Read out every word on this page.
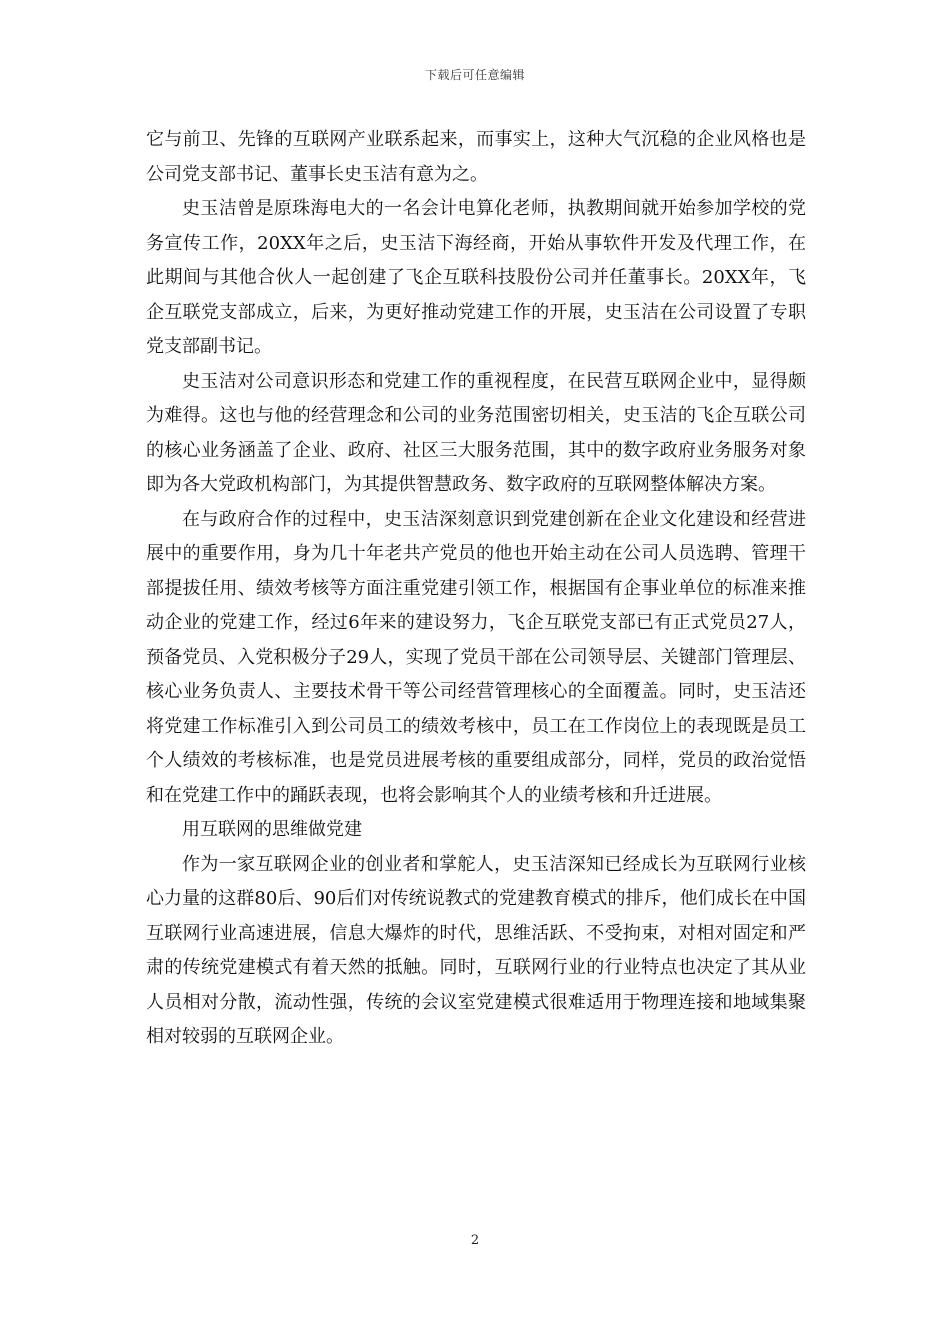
下载后可任意编辑

它与前卫、先锋的互联网产业联系起来，而事实上，这种大气沉稳的企业风格也是公司党支部书记、董事长史玉洁有意为之。

史玉洁曾是原珠海电大的一名会计电算化老师，执教期间就开始参加学校的党务宣传工作，20XX年之后，史玉洁下海经商，开始从事软件开发及代理工作，在此期间与其他合伙人一起创建了飞企互联科技股份公司并任董事长。20XX年，飞企互联党支部成立，后来，为更好推动党建工作的开展，史玉洁在公司设置了专职党支部副书记。

史玉洁对公司意识形态和党建工作的重视程度，在民营互联网企业中，显得颇为难得。这也与他的经营理念和公司的业务范围密切相关，史玉洁的飞企互联公司的核心业务涵盖了企业、政府、社区三大服务范围，其中的数字政府业务服务对象即为各大党政机构部门，为其提供智慧政务、数字政府的互联网整体解决方案。

在与政府合作的过程中，史玉洁深刻意识到党建创新在企业文化建设和经营进展中的重要作用，身为几十年老共产党员的他也开始主动在公司人员选聘、管理干部提拔任用、绩效考核等方面注重党建引领工作，根据国有企事业单位的标准来推动企业的党建工作，经过6年来的建设努力，飞企互联党支部已有正式党员27人，预备党员、入党积极分子29人，实现了党员干部在公司领导层、关键部门管理层、核心业务负责人、主要技术骨干等公司经营管理核心的全面覆盖。同时，史玉洁还将党建工作标准引入到公司员工的绩效考核中，员工在工作岗位上的表现既是员工个人绩效的考核标准，也是党员进展考核的重要组成部分，同样，党员的政治觉悟和在党建工作中的踊跃表现，也将会影响其个人的业绩考核和升迁进展。

用互联网的思维做党建

作为一家互联网企业的创业者和掌舵人，史玉洁深知已经成长为互联网行业核心力量的这群80后、90后们对传统说教式的党建教育模式的排斥，他们成长在中国互联网行业高速进展，信息大爆炸的时代，思维活跃、不受拘束，对相对固定和严肃的传统党建模式有着天然的抵触。同时，互联网行业的行业特点也决定了其从业人员相对分散，流动性强，传统的会议室党建模式很难适用于物理连接和地域集聚相对较弱的互联网企业。

2
